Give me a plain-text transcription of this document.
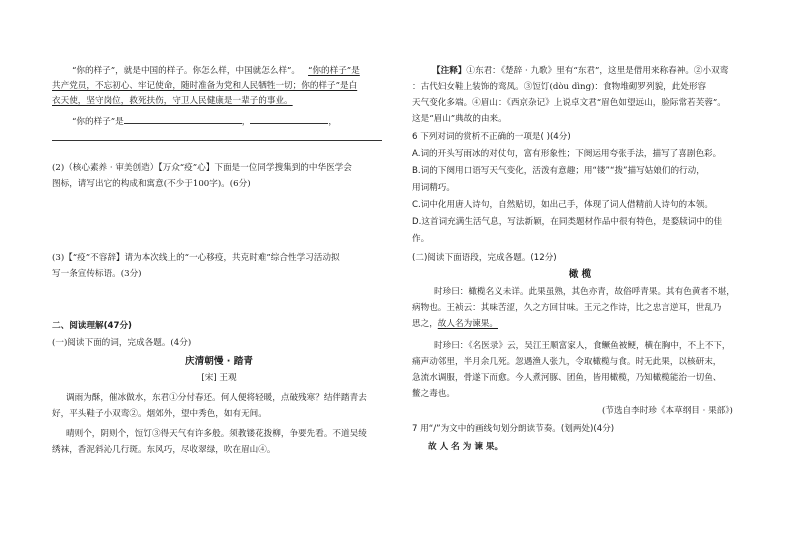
“你的样子”，就是中国的样子。你怎么样，中国就怎么样”。 “你的样子”是
共产党员，不忘初心、牢记使命，随时准备为党和人民牺牲一切；你的样子”是白
衣天使，坚守岗位，救死扶伤，守卫人民健康是一辈子的事业。
“你的样子”是	，	，
(2)（核心素养 · 审美创造）【万众“疫”心】下面是一位同学搜集到的中华医学会
图标，请写出它的构成和寓意(不少于100字)。(6分)
(3)【“疫”不容辞】请为本次线上的“一心移疫，共克时难”综合性学习活动拟
写一条宣传标语。(3分)
二、阅读理解(47分)
(一)阅读下面的词，完成各题。(4分)
庆清朝慢 · 踏青
[宋] 王观
调雨为酥，催冰做水，东君①分付春还。何人便将轻暖，点破残寒？结伴踏青去
好，平头鞋子小双鸾②。烟郊外，望中秀色，如有无间。
晴则个，阴则个，饾饤③得天气有许多般。须教镂花拨柳，争要先看。不道吴绫
绣袜，香泥斜沁几行斑。东风巧，尽收翠绿，吹在眉山④。
【注释】①东君：《楚辞 · 九歌》里有“东君”，这里是借用来称春神。②小双鸾
：古代妇女鞋上装饰的鸾凤。③饾饤(dòu dìng)：食物堆砌罗列貌，此处形容
天气变化多端。④眉山：《西京杂记》上说卓文君“眉色如望远山，脸际常若芙蓉”。
这是“眉山”典故的由来。
6 下列对词的赏析不正确的一项是( )(4分)
A.词的开头写雨冰的对仗句，富有形象性；下阕运用夸张手法，描写了喜剧色彩。
B.词的下阕用口语写天气变化，活泼有意趣；用“镂”“拨”描写姑娘们的行动，
用词精巧。
C.词中化用唐人诗句，自然贴切，如出己手，体现了词人借精前人诗句的本领。
D.这首词充满生活气息，写法新颖，在同类题材作品中很有特色，是婺牍词中的佳
作。
(二)阅读下面语段，完成各题。(12分)
橄 榄
时珍曰：橄榄名义未详。此果虽熟，其色亦青，故俗呼青果。其有色黄者不堪，
病物也。王祯云：其味苦涩，久之方回甘味。王元之作诗，比之忠言逆耳，世乱乃
思之，故人名为谏果。
时珍曰：《名医录》云，吴江王顺富家人，食鳜鱼被鲠，横在胸中，不上不下，
痛声动邻里，半月余几死。忽遇渔人张九，令取橄榄与食。时无此果，以核研末，
急流水调服，骨遂下而愈。今人煮河豚、团鱼，皆用橄榄，乃知橄榄能治一切鱼、
鳖之毒也。
(节选自李时珍《本草纲目 · 果部》)
7 用“/”为文中的画线句划分朗读节奏。(划两处)(4分)
故 人 名 为 谏 果。
